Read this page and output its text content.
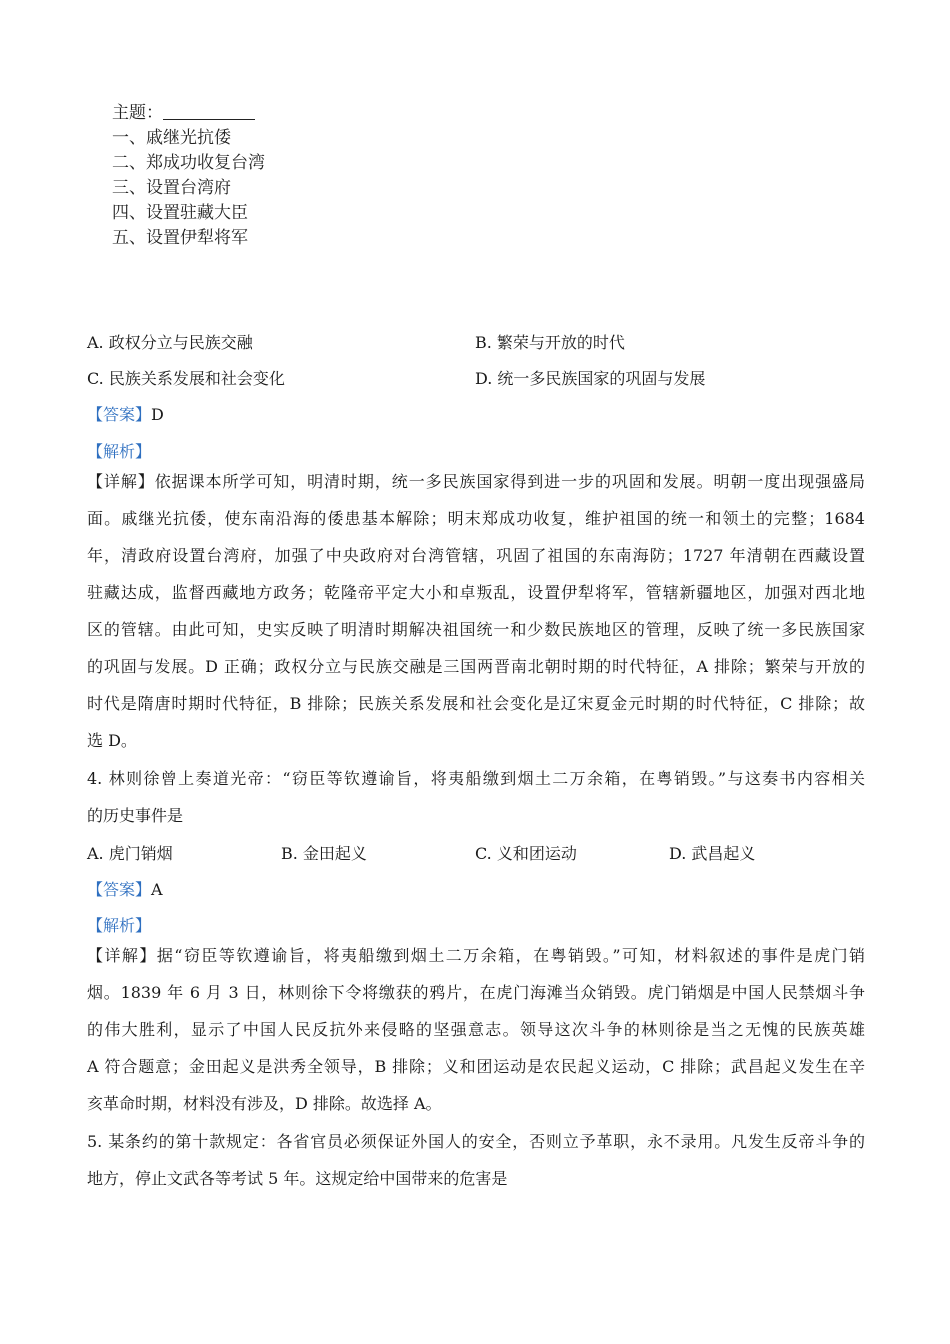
主题：
一、戚继光抗倭
二、郑成功收复台湾
三、设置台湾府
四、设置驻藏大臣
五、设置伊犁将军
A. 政权分立与民族交融	B. 繁荣与开放的时代
C. 民族关系发展和社会变化	D. 统一多民族国家的巩固与发展
【答案】D
【解析】
【详解】依据课本所学可知，明清时期，统一多民族国家得到进一步的巩固和发展。明朝一度出现强盛局
面。戚继光抗倭，使东南沿海的倭患基本解除；明末郑成功收复，维护祖国的统一和领土的完整；1684
年，清政府设置台湾府，加强了中央政府对台湾管辖，巩固了祖国的东南海防；1727 年清朝在西藏设置
驻藏达成，监督西藏地方政务；乾隆帝平定大小和卓叛乱，设置伊犁将军，管辖新疆地区，加强对西北地
区的管辖。由此可知，史实反映了明清时期解决祖国统一和少数民族地区的管理，反映了统一多民族国家
的巩固与发展。D 正确；政权分立与民族交融是三国两晋南北朝时期的时代特征，A 排除；繁荣与开放的
时代是隋唐时期时代特征，B 排除；民族关系发展和社会变化是辽宋夏金元时期的时代特征，C 排除；故
选 D。
4. 林则徐曾上奏道光帝：“窃臣等钦遵谕旨，将夷船缴到烟土二万余箱，在粤销毁。”与这奏书内容相关
的历史事件是
A. 虎门销烟	B. 金田起义	C. 义和团运动	D. 武昌起义
【答案】A
【解析】
【详解】据“窃臣等钦遵谕旨，将夷船缴到烟土二万余箱，在粤销毁。”可知，材料叙述的事件是虎门销
烟。1839 年 6 月 3 日，林则徐下令将缴获的鸦片，在虎门海滩当众销毁。虎门销烟是中国人民禁烟斗争
的伟大胜利，显示了中国人民反抗外来侵略的坚强意志。领导这次斗争的林则徐是当之无愧的民族英雄
A 符合题意；金田起义是洪秀全领导，B 排除；义和团运动是农民起义运动，C 排除；武昌起义发生在辛
亥革命时期，材料没有涉及，D 排除。故选择 A。
5. 某条约的第十款规定：各省官员必须保证外国人的安全，否则立予革职，永不录用。凡发生反帝斗争的
地方，停止文武各等考试 5 年。这规定给中国带来的危害是
